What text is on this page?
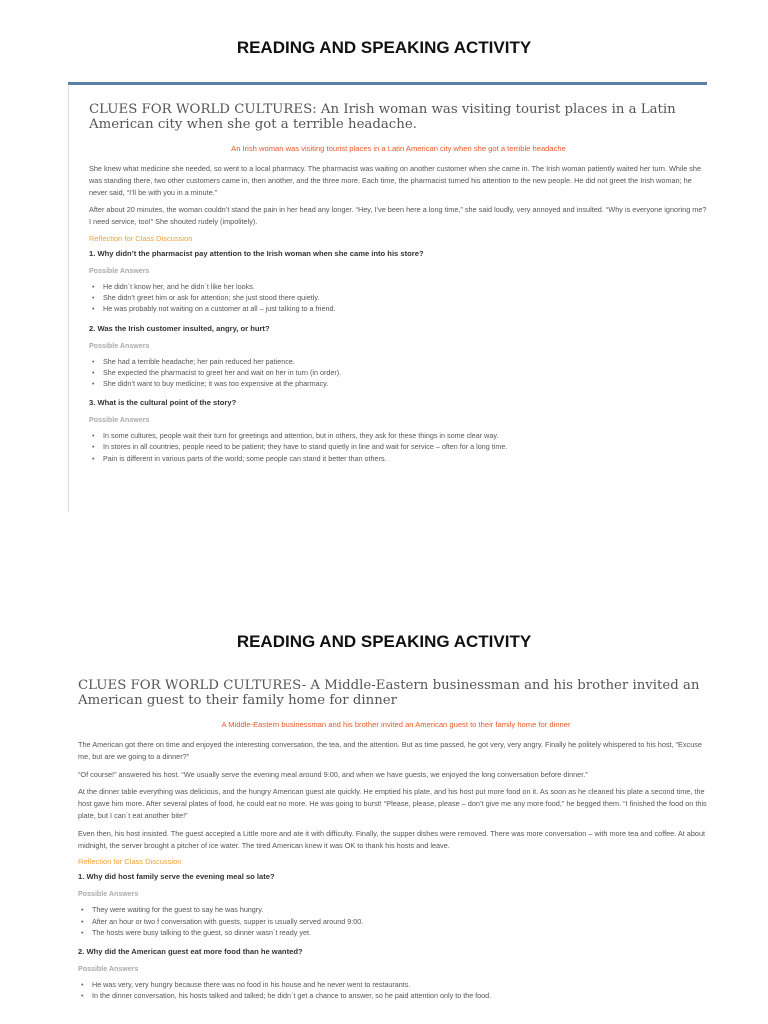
READING AND SPEAKING ACTIVITY
CLUES FOR WORLD CULTURES: An Irish woman was visiting tourist places in a Latin American city when she got a terrible headache.
An Irish woman was visiting tourist places in a Latin American city when she got a terrible headache

She knew what medicine she needed, so went to a local pharmacy. The pharmacist was waiting on another customer when she came in. The Irish woman patiently waited her turn. While she was standing there, two other customers came in, then another, and the three more. Each time, the pharmacist turned his attention to the new people. He did not greet the Irish woman; he never said, “I’ll be with you in a minute.”

After about 20 minutes, the woman couldn’t stand the pain in her head any longer. “Hey, I’ve been here a long time,” she said loudly, very annoyed and insulted. “Why is everyone ignoring me? I need service, too!” She shouted rudely (impolitely).

Reflection for Class Discussion
1. Why didn’t the pharmacist pay attention to the Irish woman when she came into his store?
Possible Answers
• He didn´t know her, and he didn´t like her looks.
• She didn’t greet him or ask for attention; she just stood there quietly.
• He was probably not waiting on a customer at all – just talking to a friend.
2. Was the Irish customer insulted, angry, or hurt?
Possible Answers
• She had a terrible headache; her pain reduced her patience.
• She expected the pharmacist to greet her and wait on her in turn (in order).
• She didn’t want to buy medicine; it was too expensive at the pharmacy.
3. What is the cultural point of the story?
Possible Answers
• In some cultures, people wait their turn for greetings and attention, but in others, they ask for these things in some clear way.
• In stores in all countries, people need to be patient; they have to stand quietly in line and wait for service – often for a long time.
• Pain is different in various parts of the world; some people can stand it better than others.
READING AND SPEAKING ACTIVITY
CLUES FOR WORLD CULTURES- A Middle-Eastern businessman and his brother invited an American guest to their family home for dinner
A Middle-Eastern businessman and his brother invited an American guest to their family home for dinner

The American got there on time and enjoyed the interesting conversation, the tea, and the attention. But as time passed, he got very, very angry. Finally he politely whispered to his host, “Excuse me, but are we going to a dinner?”

“Of course!” answered his host. “We usually serve the evening meal around 9:00, and when we have guests, we enjoyed the long conversation before dinner.”

At the dinner table everything was delicious, and the hungry American guest ate quickly. He emptied his plate, and his host put more food on it. As soon as he cleaned his plate a second time, the host gave him more. After several plates of food, he could eat no more. He was going to burst! “Please, please, please – don’t give me any more food,” he begged them. “I finished the food on this plate, but I can´t eat another bite!”

Even then, his host insisted. The guest accepted a Little more and ate it with difficulty. Finally, the supper dishes were removed. There was more conversation – with more tea and coffee. At about midnight, the server brought a pitcher of ice water. The tired American knew it was OK to thank his hosts and leave.

Reflection for Class Discussion
1. Why did host family serve the evening meal so late?
Possible Answers
• They were waiting for the guest to say he was hungry.
• After an hour or two f conversation with guests, supper is usually served around 9:00.
• The hosts were busy talking to the guest, so dinner wasn´t ready yet.
2. Why did the American guest eat more food than he wanted?
Possible Answers
• He was very, very hungry because there was no food in his house and he never went to restaurants.
• In the dinner conversation, his hosts talked and talked; he didn´t get a chance to answer, so he paid attention only to the food.
